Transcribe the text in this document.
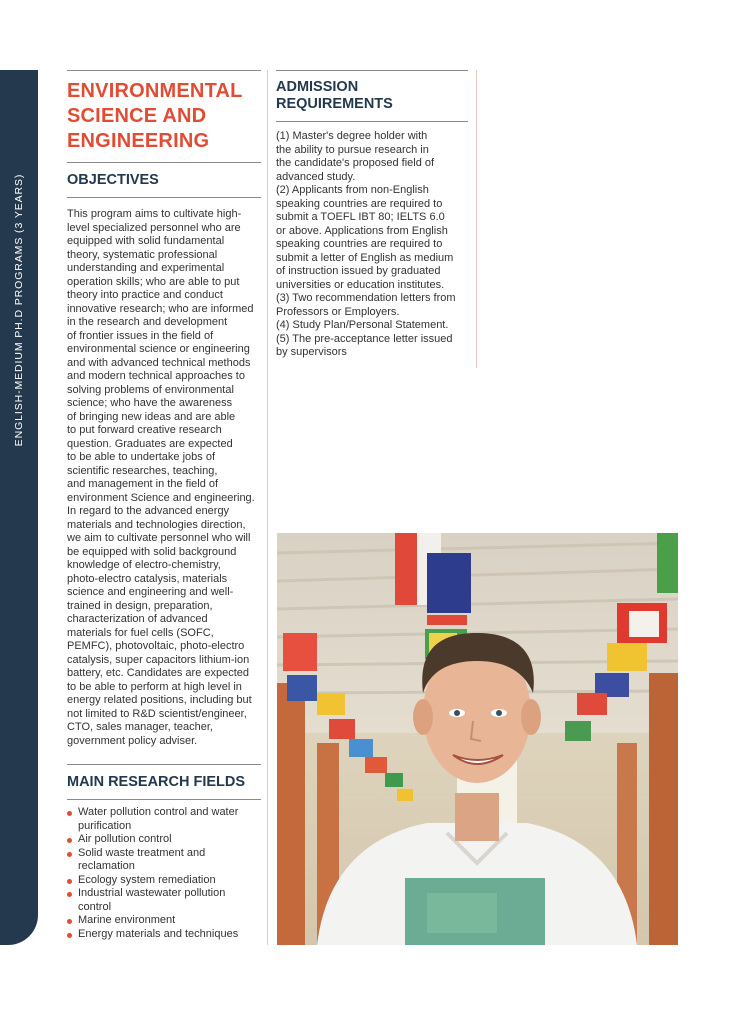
ENGLISH-MEDIUM PH.D PROGRAMS (3 YEARS)
ENVIRONMENTAL SCIENCE AND ENGINEERING
OBJECTIVES
This program aims to cultivate high-
level specialized personnel who are
equipped with solid fundamental
theory, systematic professional
understanding and experimental
operation skills; who are able to put
theory into practice and conduct
innovative research; who are informed
in the research and development
of frontier issues in the field of
environmental science or engineering
and with advanced technical methods
and modern technical approaches to
solving problems of environmental
science; who have the awareness
of bringing new ideas and are able
to put forward creative research
question. Graduates are expected
to be able to undertake jobs of
scientific researches, teaching,
and management in the field of
environment Science and engineering.
In regard to the advanced energy
materials and technologies direction,
we aim to cultivate personnel who will
be equipped with solid background
knowledge of electro-chemistry,
photo-electro catalysis, materials
science and engineering and well-
trained in design, preparation,
characterization of advanced
materials for fuel cells (SOFC,
PEMFC), photovoltaic, photo-electro
catalysis, super capacitors lithium-ion
battery, etc. Candidates are expected
to be able to perform at high level in
energy related positions, including but
not limited to R&D scientist/engineer,
CTO, sales manager, teacher,
government policy adviser.
MAIN RESEARCH FIELDS
Water pollution control and water
purification
Air pollution control
Solid waste treatment and
reclamation
Ecology system remediation
Industrial wastewater pollution
control
Marine environment
Energy materials and techniques
ADMISSION REQUIREMENTS
(1) Master's degree holder with
the ability to pursue research in
the candidate's proposed field of
advanced study.
(2) Applicants from non-English
speaking countries are required to
submit a TOEFL IBT 80; IELTS 6.0
or above. Applications from English
speaking countries are required to
submit a letter of English as medium
of instruction issued by graduated
universities or education institutes.
(3) Two recommendation letters from
Professors or Employers.
(4) Study Plan/Personal Statement.
(5) The pre-acceptance letter issued
by supervisors
